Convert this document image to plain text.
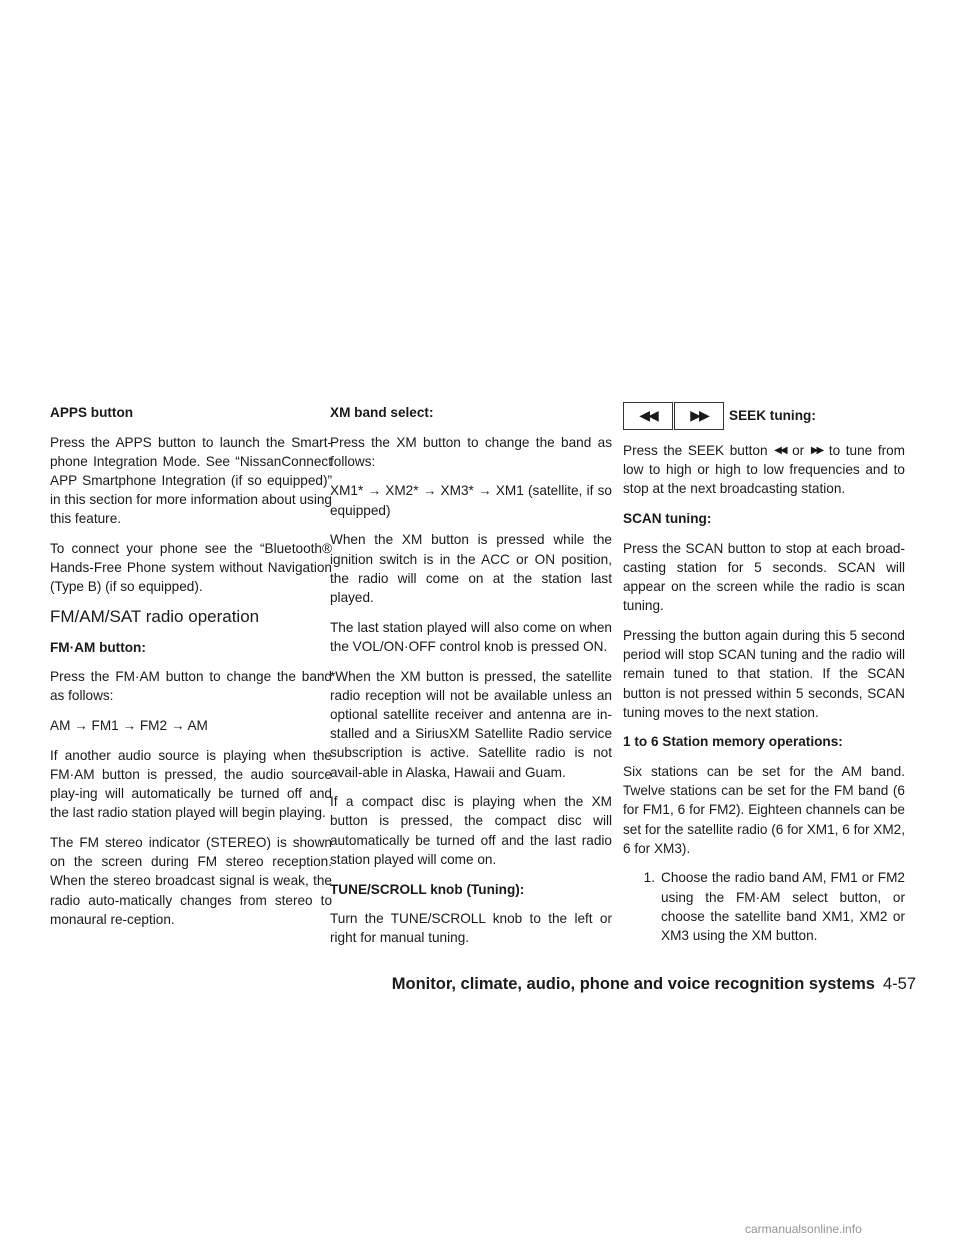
APPS button

Press the APPS button to launch the Smart-phone Integration Mode. See “NissanConnect APP Smartphone Integration (if so equipped)” in this section for more information about using this feature.

To connect your phone see the “Bluetooth® Hands-Free Phone system without Navigation (Type B) (if so equipped).

FM/AM/SAT radio operation

FM·AM button:

Press the FM·AM button to change the band as follows:

AM → FM1 → FM2 → AM

If another audio source is playing when the FM·AM button is pressed, the audio source play-ing will automatically be turned off and the last radio station played will begin playing.

The FM stereo indicator (STEREO) is shown on the screen during FM stereo reception. When the stereo broadcast signal is weak, the radio auto-matically changes from stereo to monaural re-ception.

XM band select:

Press the XM button to change the band as follows:

XM1* → XM2* → XM3* → XM1 (satellite, if so equipped)

When the XM button is pressed while the ignition switch is in the ACC or ON position, the radio will come on at the station last played.

The last station played will also come on when the VOL/ON·OFF control knob is pressed ON.

*When the XM button is pressed, the satellite radio reception will not be available unless an optional satellite receiver and antenna are in-stalled and a SiriusXM Satellite Radio service subscription is active. Satellite radio is not avail-able in Alaska, Hawaii and Guam.

If a compact disc is playing when the XM button is pressed, the compact disc will automatically be turned off and the last radio station played will come on.

TUNE/SCROLL knob (Tuning):

Turn the TUNE/SCROLL knob to the left or right for manual tuning.

◀◀	▶▶	SEEK tuning:

Press the SEEK button ◀◀ or ▶▶ to tune from low to high or high to low frequencies and to stop at the next broadcasting station.

SCAN tuning:

Press the SCAN button to stop at each broad-casting station for 5 seconds. SCAN will appear on the screen while the radio is scan tuning.

Pressing the button again during this 5 second period will stop SCAN tuning and the radio will remain tuned to that station. If the SCAN button is not pressed within 5 seconds, SCAN tuning moves to the next station.

1 to 6 Station memory operations:

Six stations can be set for the AM band. Twelve stations can be set for the FM band (6 for FM1, 6 for FM2). Eighteen channels can be set for the satellite radio (6 for XM1, 6 for XM2, 6 for XM3).

1. Choose the radio band AM, FM1 or FM2 using the FM·AM select button, or choose the satellite band XM1, XM2 or XM3 using the XM button.
Monitor, climate, audio, phone and voice recognition systems 4-57
carmanualsonline.info
